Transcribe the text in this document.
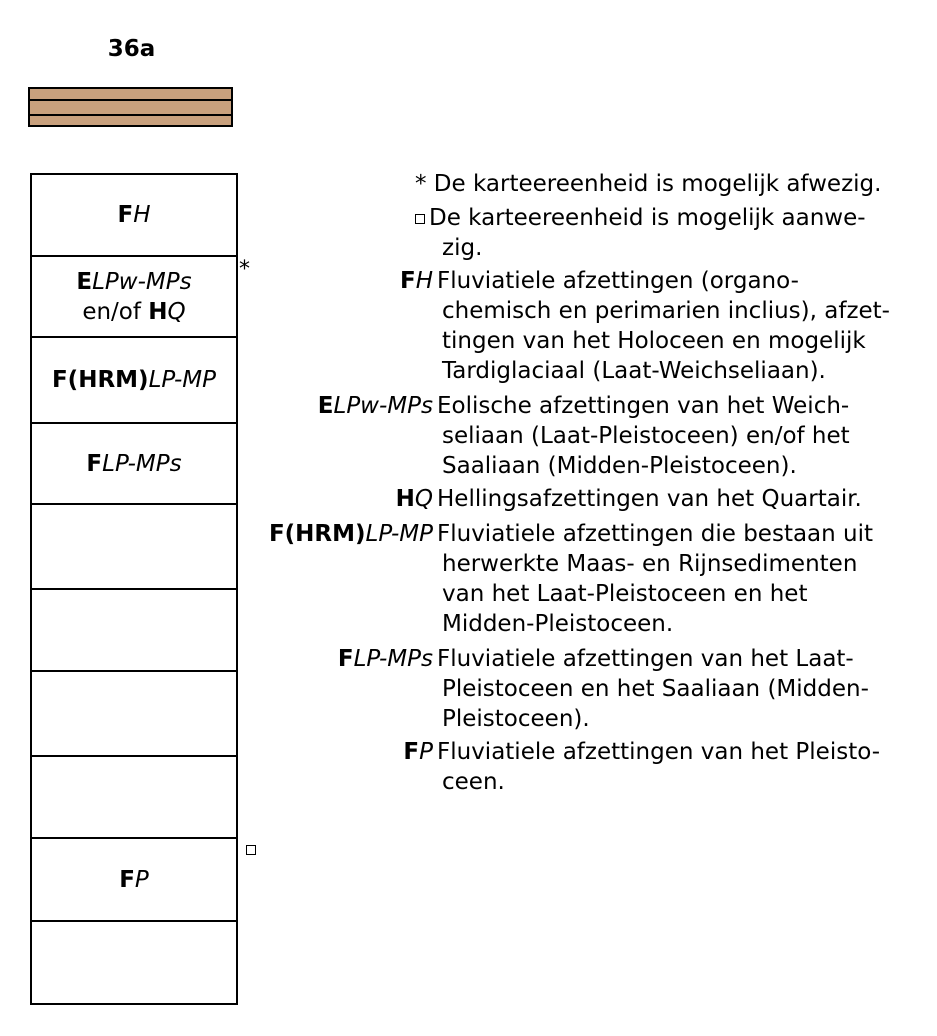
36a
FH
ELPw-MPs
en/of HQ
F(HRM)LP-MP
FLP-MPs
FP
*
* De karteereenheid is mogelijk afwezig.
De karteereenheid is mogelijk aanwe-
zig.
FH Fluviatiele afzettingen (organo-
chemisch en perimarien inclius), afzet-
tingen van het Holoceen en mogelijk
Tardiglaciaal (Laat-Weichseliaan).
ELPw-MPs Eolische afzettingen van het Weich-
seliaan (Laat-Pleistoceen) en/of het
Saaliaan (Midden-Pleistoceen).
HQ Hellingsafzettingen van het Quartair.
F(HRM)LP-MP Fluviatiele afzettingen die bestaan uit
herwerkte Maas- en Rijnsedimenten
van het Laat-Pleistoceen en het
Midden-Pleistoceen.
FLP-MPs Fluviatiele afzettingen van het Laat-
Pleistoceen en het Saaliaan (Midden-
Pleistoceen).
FP Fluviatiele afzettingen van het Pleisto-
ceen.
